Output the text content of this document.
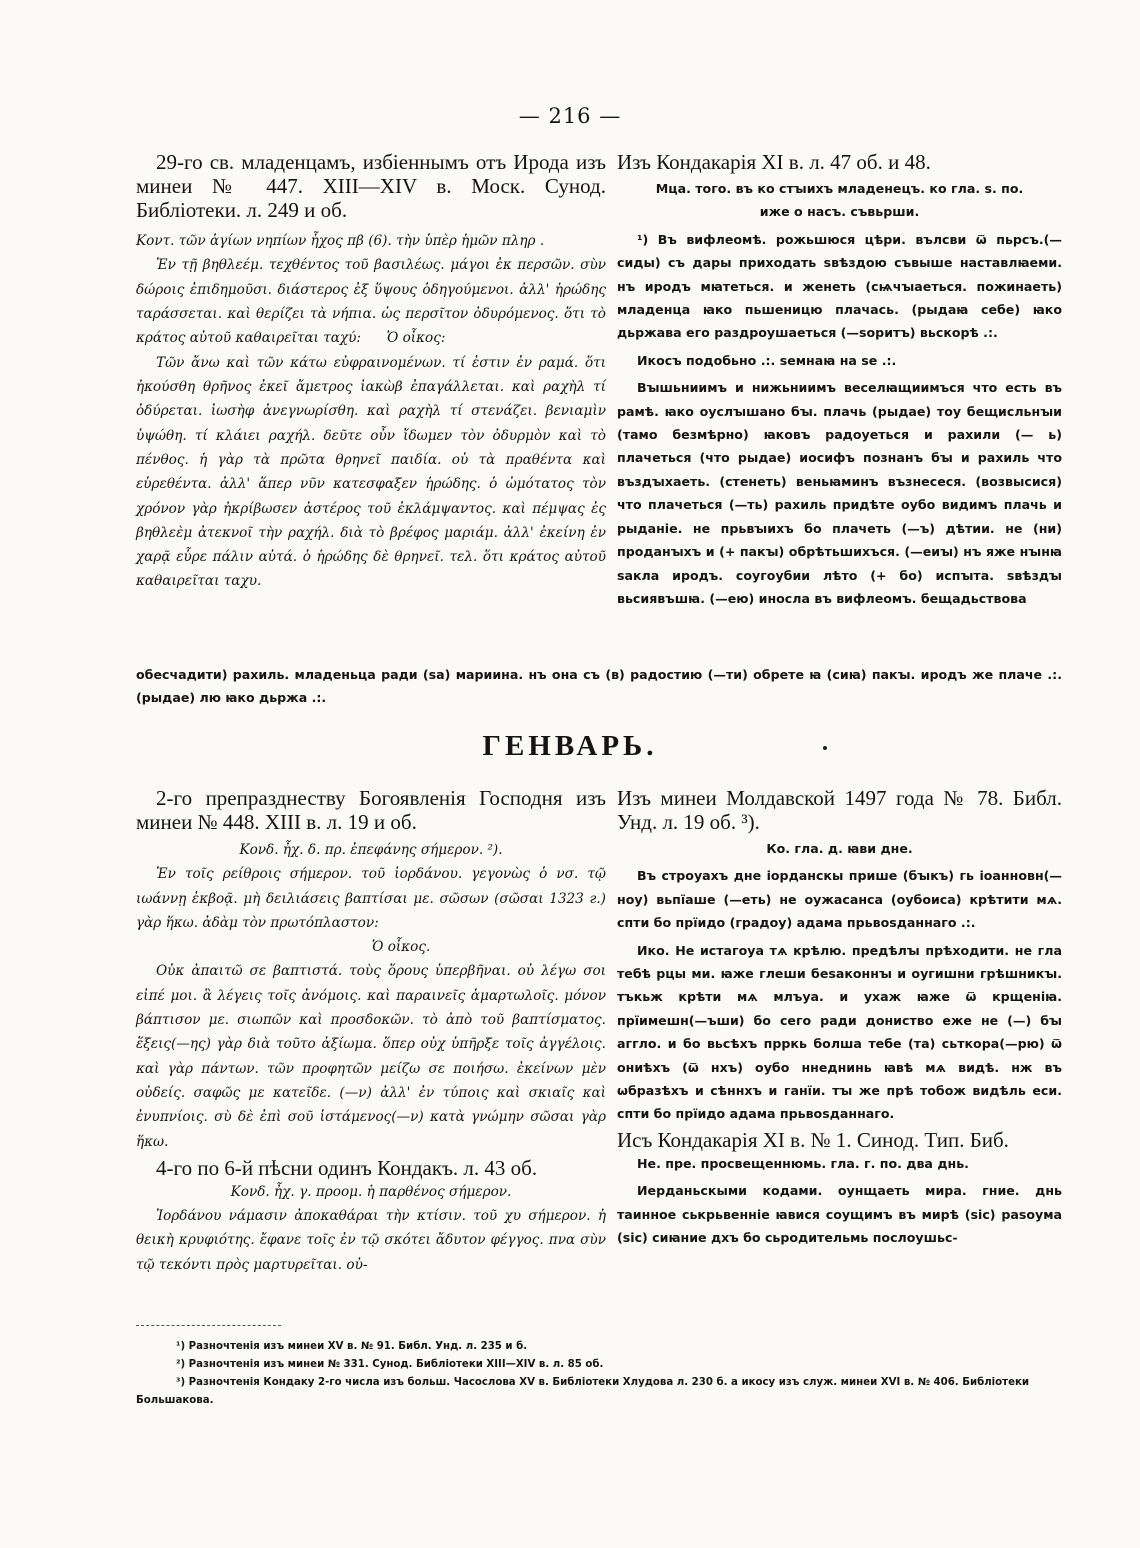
— 216 —
29-го св. младенцамъ, избіеннымъ отъ Ирода изъ минеи № 447. XIII—XIV в. Моск. Сунод. Библіотеки. л. 249 и об.

Κοντ. τῶν ἁγίων νηπίων ἦχος πβ (6). τὴν ὑπὲρ ἡμῶν πληρ .

Ἐν τῇ βηθλεέμ. τεχθέντος τοῦ βασιλέως. μάγοι ἐκ περσῶν. σὺν δώροις ἐπιδημοῦσι. διάστερος ἐξ ὕψους ὁδηγούμενοι. ἀλλ' ἡρώδης ταράσσεται. καὶ θερίζει τὰ νήπια. ὡς περσῖτον ὀδυρόμενος. ὅτι τὸ κράτος αὐτοῦ καθαιρεῖται ταχύ:	Ὁ οἶκος:

Τῶν ἄνω καὶ τῶν κάτω εὐφραινομένων. τί ἐστιν ἐν ραμά. ὅτι ἠκούσθη θρῆνος ἐκεῖ ἄμετρος ἰακὼβ ἐπαγάλλεται. καὶ ραχὴλ τί ὀδύρεται. ἰωσὴφ ἀνεγνωρίσθη. καὶ ραχὴλ τί στενάζει. βενιαμὶν ὑψώθη. τί κλάιει ραχήλ. δεῦτε οὖν ἴδωμεν τὸν ὀδυρμὸν καὶ τὸ πένθος. ἡ γὰρ τὰ πρῶτα θρηνεῖ παιδία. οὐ τὰ πραθέντα καὶ εὑρεθέντα. ἀλλ' ἅπερ νῦν κατεσφαξεν ἡρώδης. ὁ ὠμότατος τὸν χρόνον γὰρ ἠκρίβωσεν ἀστέρος τοῦ ἐκλάμψαντος. καὶ πέμψας ἐς βηθλεὲμ ἀτεκνοῖ τὴν ραχήλ. διὰ τὸ βρέφος μαριάμ. ἀλλ' ἐκείνη ἐν χαρᾷ εὗρε πάλιν αὐτά. ὁ ἡρώδης δὲ θρηνεῖ. τελ. ὅτι κράτος αὐτοῦ καθαιρεῖται ταχυ.

Изъ Кондакарія XI в. л. 47 об. и 48.

Мца. того. въ ко стꙑихъ младенецъ. ко гла. ѕ. по. иже о насъ. съвьрши.

¹) Въ вифлеомѣ. рожьшюся цѣри. вълсви ѿ пьрсъ.(—сиды) съ дары приходать ѕвѣздою съвыше наставлꙗеми. нъ иродъ мꙗтеться. и женеть (сѩчꙑаеться. пожинаеть) младенца ꙗко пьшеницю плачась. (рыдаꙗ себе) ꙗко дьржава его раздроушаеться (—ѕоритъ) вьскорѣ .:.

Икосъ подобьно .:. ѕемнаꙗ на ѕе .:.

Вꙑшьниимъ и нижьниимъ веселꙗщиимъся что есть въ рамѣ. ꙗко оуслꙑшано бꙑ. плачь (рыдае) тоу бещисльнꙑи (тамо безмѣрно) ꙗковъ радоуеться и рахили (— ь) плачеться (что рыдае) иосифъ познанъ бꙑ и рахиль что въздꙑхаеть. (стенеть) веньꙗминъ възнесеся. (возвысися) что плачеться (—ть) рахиль придѣте оубо видимъ плачь и рыданіе. не прьвꙑихъ бо плачеть (—ъ) дѣтии. не (ни) проданꙑхъ и (+ пакꙑ) обрѣтьшихъся. (—еиꙑ) нъ яже нꙑнꙗ ѕакла иродъ. соугоубии лѣто (+ бо) испꙑта. ѕвѣздꙑ вьсиявъшꙗ. (—ею) иносла въ вифлеомъ. бещадьствова

обесчадити) рахиль. младеньца ради (ѕа) мариина. нъ она съ (в) радостию (—ти) обрете ꙗ (сиꙗ) пакꙑ. иродъ же плачe .:. (рыдае) лю ꙗко дьржа .:.
ГЕНВАРЬ.
2-го препразднеству Богоявленія Господня изъ минеи № 448. XIII в. л. 19 и об.

Κονδ. ἦχ. δ. πρ. ἐπεφάνης σήμερον. ²).

Ἐν τοῖς ρείθροις σήμερον. τοῦ ἰορδάνου. γεγονὼς ὁ νσ. τῷ ιωάννῃ ἐκβοᾷ. μὴ δειλιάσεις βαπτίσαι με. σῶσων (σῶσαι 1323 г.) γὰρ ἥκω. ἀδὰμ τὸν πρωτόπλαστον:

Ὁ οἶκος.

Οὐκ ἀπαιτῶ σε βαπτιστά. τοὺς ὅρους ὑπερβῆναι. οὐ λέγω σοι εἰπέ μοι. ἃ λέγεις τοῖς ἀνόμοις. καὶ παραινεῖς ἁμαρτωλοῖς. μόνον βάπτισον με. σιωπῶν καὶ προσδοκῶν. τὸ ἀπὸ τοῦ βαπτίσματος. ἕξεις(—ης) γὰρ διὰ τοῦτο ἀξίωμα. ὅπερ οὐχ ὑπῆρξε τοῖς ἀγγέλοις. καὶ γὰρ πάντων. τῶν προφητῶν μείζω σε ποιήσω. ἐκείνων μὲν οὐδείς. σαφῶς με κατεῖδε. (—ν) ἀλλ' ἐν τύποις καὶ σκιαῖς καὶ ἐνυπνίοις. σὺ δὲ ἐπὶ σοῦ ἱστάμενος(—ν) κατὰ γνώμην σῶσαι γὰρ ἥκω.

4-го по 6-й пѣсни одинъ Кондакъ. л. 43 об.

Κονδ. ἦχ. γ. προομ. ἡ παρθένος σήμερον.

Ἰορδάνου νάμασιν ἀποκαθάραι τὴν κτίσιν. τοῦ χυ σήμερον. ἡ θεικὴ κρυφιότης. ἔφανε τοῖς ἐν τῷ σκότει ἄδυτον φέγγος. πνα σὺν τῷ τεκόντι πρὸς μαρτυρεῖται. οὐ-

Изъ минеи Молдавской 1497 года № 78. Библ. Унд. л. 19 об. ³).

Ко. гла. д. ꙗви дне.

Въ строуахъ дне іорданскы прише (бꙑкъ) гь іоанновн(—ноу) вьпїаше (—еть) не оужасанса (оубоиса) крѣтити мѧ. спти бо прїидо (градоу) адама прьвоѕданнаго .:.

Ико. Не истагоуа тѧ крѣлю. предѣлꙑ прѣходити. не гла тебѣ рцы ми. ꙗже глеши беѕаконнꙑ и оугишни грѣшникꙑ. тъкьж крѣти мѧ млъуа. и ухаж ꙗже ѿ крщеніꙗ. прїимешн(—ъши) бо сего ради дониство еже не (—) бꙑ аггло. и бо вьсѣхъ прркь болша тебе (та) сьткора(—рю) ѿ ониѣхъ (ѿ нхъ) оубо ннеднинь ꙗвѣ мѧ видѣ. нж въ ѡбразѣхъ и сѣннхъ и ганїи. тꙑ же прѣ тобож видѣль еси. спти бо прїидо адама прьвоѕданнаго.

Исъ Кондакарія XI в. № 1. Синод. Тип. Биб.

Не. пре. просвещеннюмь. гла. г. по. два днь.

Иерданьскыми кодами. оунщаеть мира. гние. днь таинное ськрьвенніе ꙗвися соущимъ въ мирѣ (sic) раѕоума (sic) сиꙗние дхъ бо сьродительмь послоушьс-

¹) Разночтенія изъ минеи XV в. № 91. Библ. Унд. л. 235 и б.

²) Разночтенія изъ минеи № 331. Сунод. Библіотеки XIII—XIV в. л. 85 об.

³) Разночтенія Кондаку 2-го числа изъ больш. Часослова XV в. Библіотеки Хлудова л. 230 б. а икосу изъ служ. минеи XVI в. № 406. Библіотеки Большакова.
